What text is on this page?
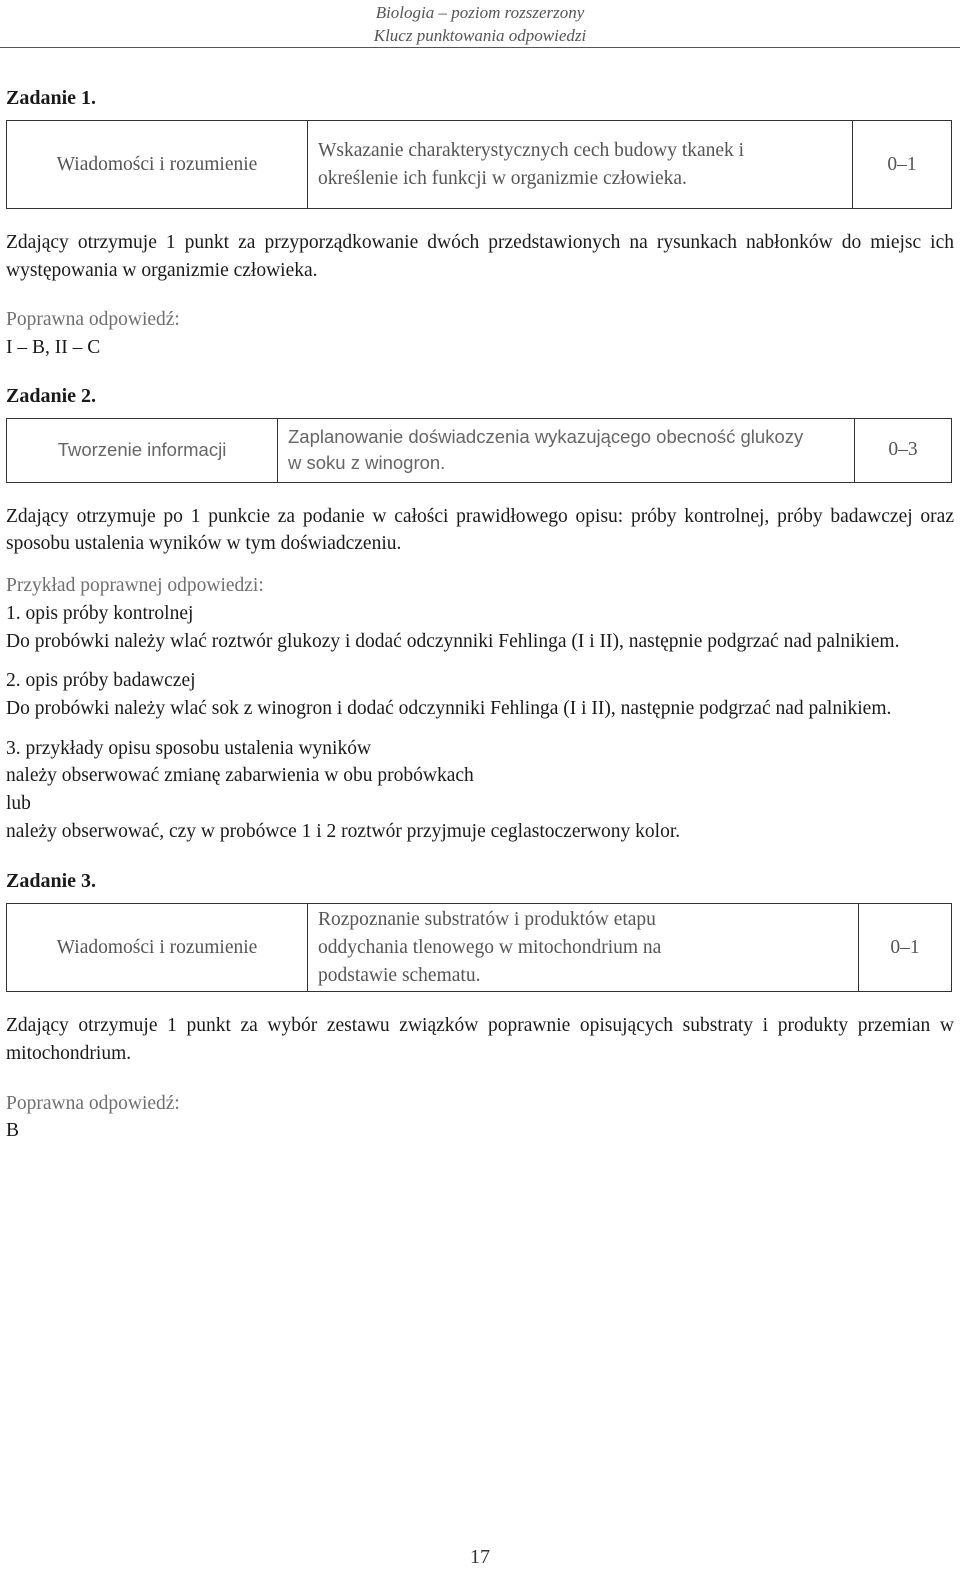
Biologia – poziom rozszerzony
Klucz punktowania odpowiedzi
Zadanie 1.
Wiadomości i rozumienie	Wskazanie charakterystycznych cech budowy tkanek i określenie ich funkcji w organizmie człowieka.	0–1

Zdający otrzymuje 1 punkt za przyporządkowanie dwóch przedstawionych na rysunkach nabłonków do miejsc ich występowania w organizmie człowieka.

Poprawna odpowiedź:

I – B, II – C

Zadanie 2.
Tworzenie informacji	Zaplanowanie doświadczenia wykazującego obecność glukozy w soku z winogron.	0–3

Zdający otrzymuje po 1 punkcie za podanie w całości prawidłowego opisu: próby kontrolnej, próby badawczej oraz sposobu ustalenia wyników w tym doświadczeniu.

Przykład poprawnej odpowiedzi:

1. opis próby kontrolnej

Do probówki należy wlać roztwór glukozy i dodać odczynniki Fehlinga (I i II), następnie podgrzać nad palnikiem.

2. opis próby badawczej

Do probówki należy wlać sok z winogron i dodać odczynniki Fehlinga (I i II), następnie podgrzać nad palnikiem.

3. przykłady opisu sposobu ustalenia wyników

należy obserwować zmianę zabarwienia w obu probówkach

lub

należy obserwować, czy w probówce 1 i 2 roztwór przyjmuje ceglastoczerwony kolor.

Zadanie 3.
Wiadomości i rozumienie	Rozpoznanie substratów i produktów etapu oddychania tlenowego w mitochondrium na podstawie schematu.	0–1

Zdający otrzymuje 1 punkt za wybór zestawu związków poprawnie opisujących substraty i produkty przemian w mitochondrium.

Poprawna odpowiedź:

B

17
